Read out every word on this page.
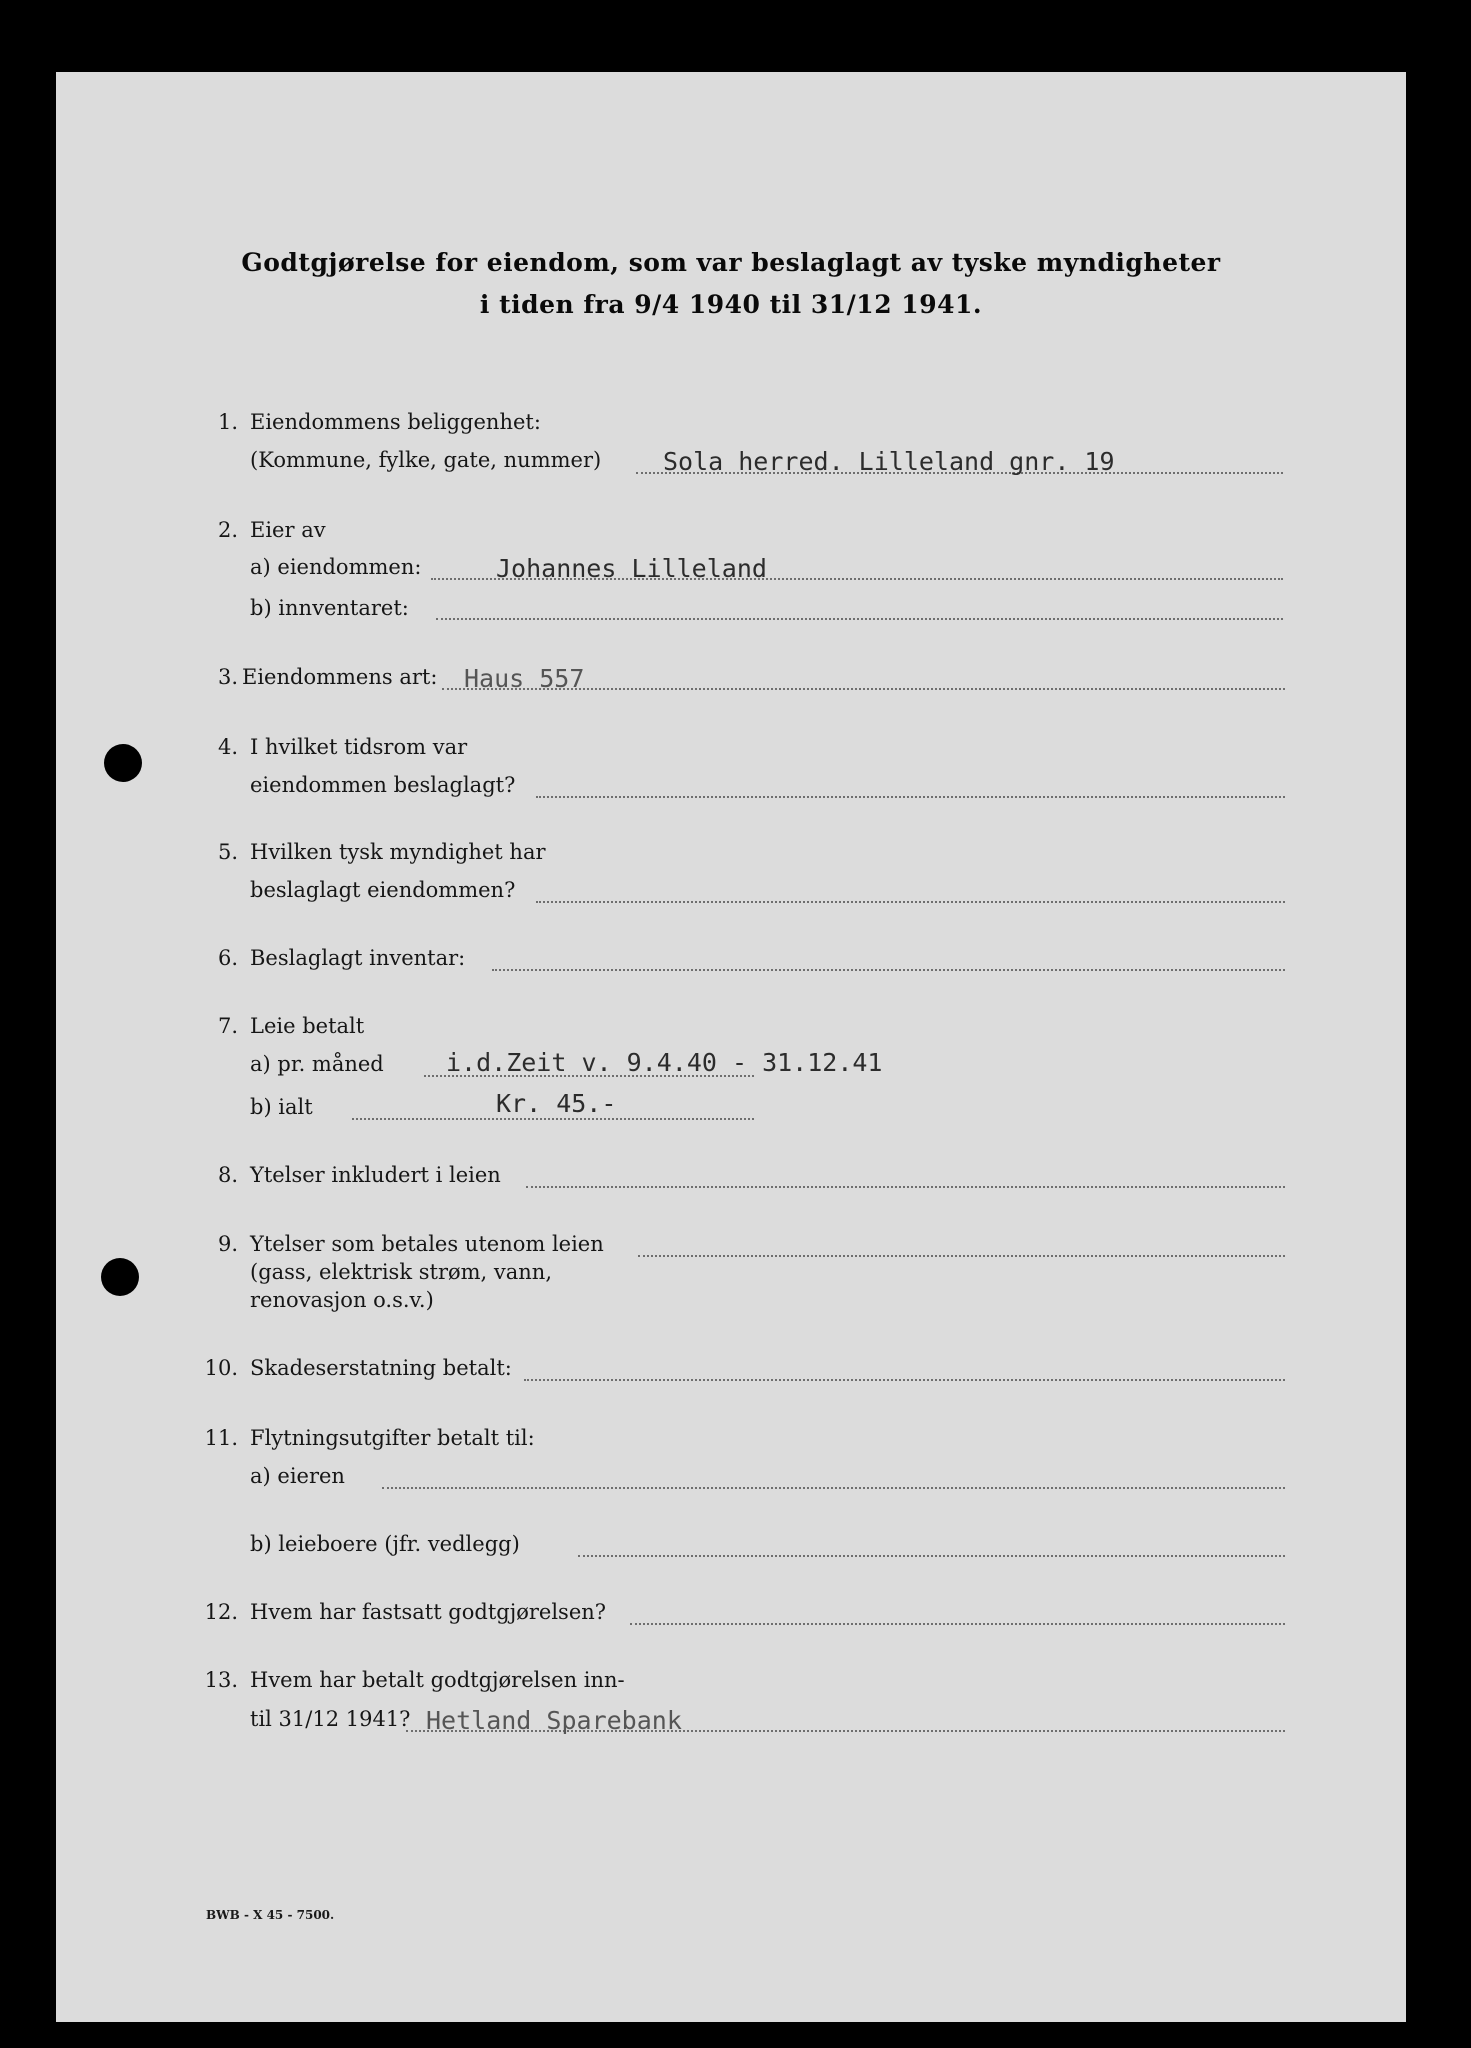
Godtgjørelse for eiendom, som var beslaglagt av tyske myndigheter
i tiden fra 9/4 1940 til 31/12 1941.
1. Eiendommens beliggenhet:
(Kommune, fylke, gate, nummer) Sola herred. Lilleland gnr. 19
2. Eier av
a) eiendommen:	Johannes Lilleland
b) innventaret:
3. Eiendommens art: Haus 557
4. I hvilket tidsrom var
eiendommen beslaglagt?
5. Hvilken tysk myndighet har
beslaglagt eiendommen?
6. Beslaglagt inventar:
7. Leie betalt
a) pr. måned i.d.Zeit v. 9.4.40 - 31.12.41
b) ialt	Kr. 45.-
8. Ytelser inkludert i leien
9. Ytelser som betales utenom leien
(gass, elektrisk strøm, vann,
renovasjon o.s.v.)
10. Skadeserstatning betalt:
11. Flytningsutgifter betalt til:
a) eieren
b) leieboere (jfr. vedlegg)
12. Hvem har fastsatt godtgjørelsen?
13. Hvem har betalt godtgjørelsen inn-
til 31/12 1941? Hetland Sparebank
BWB - X 45 - 7500.
